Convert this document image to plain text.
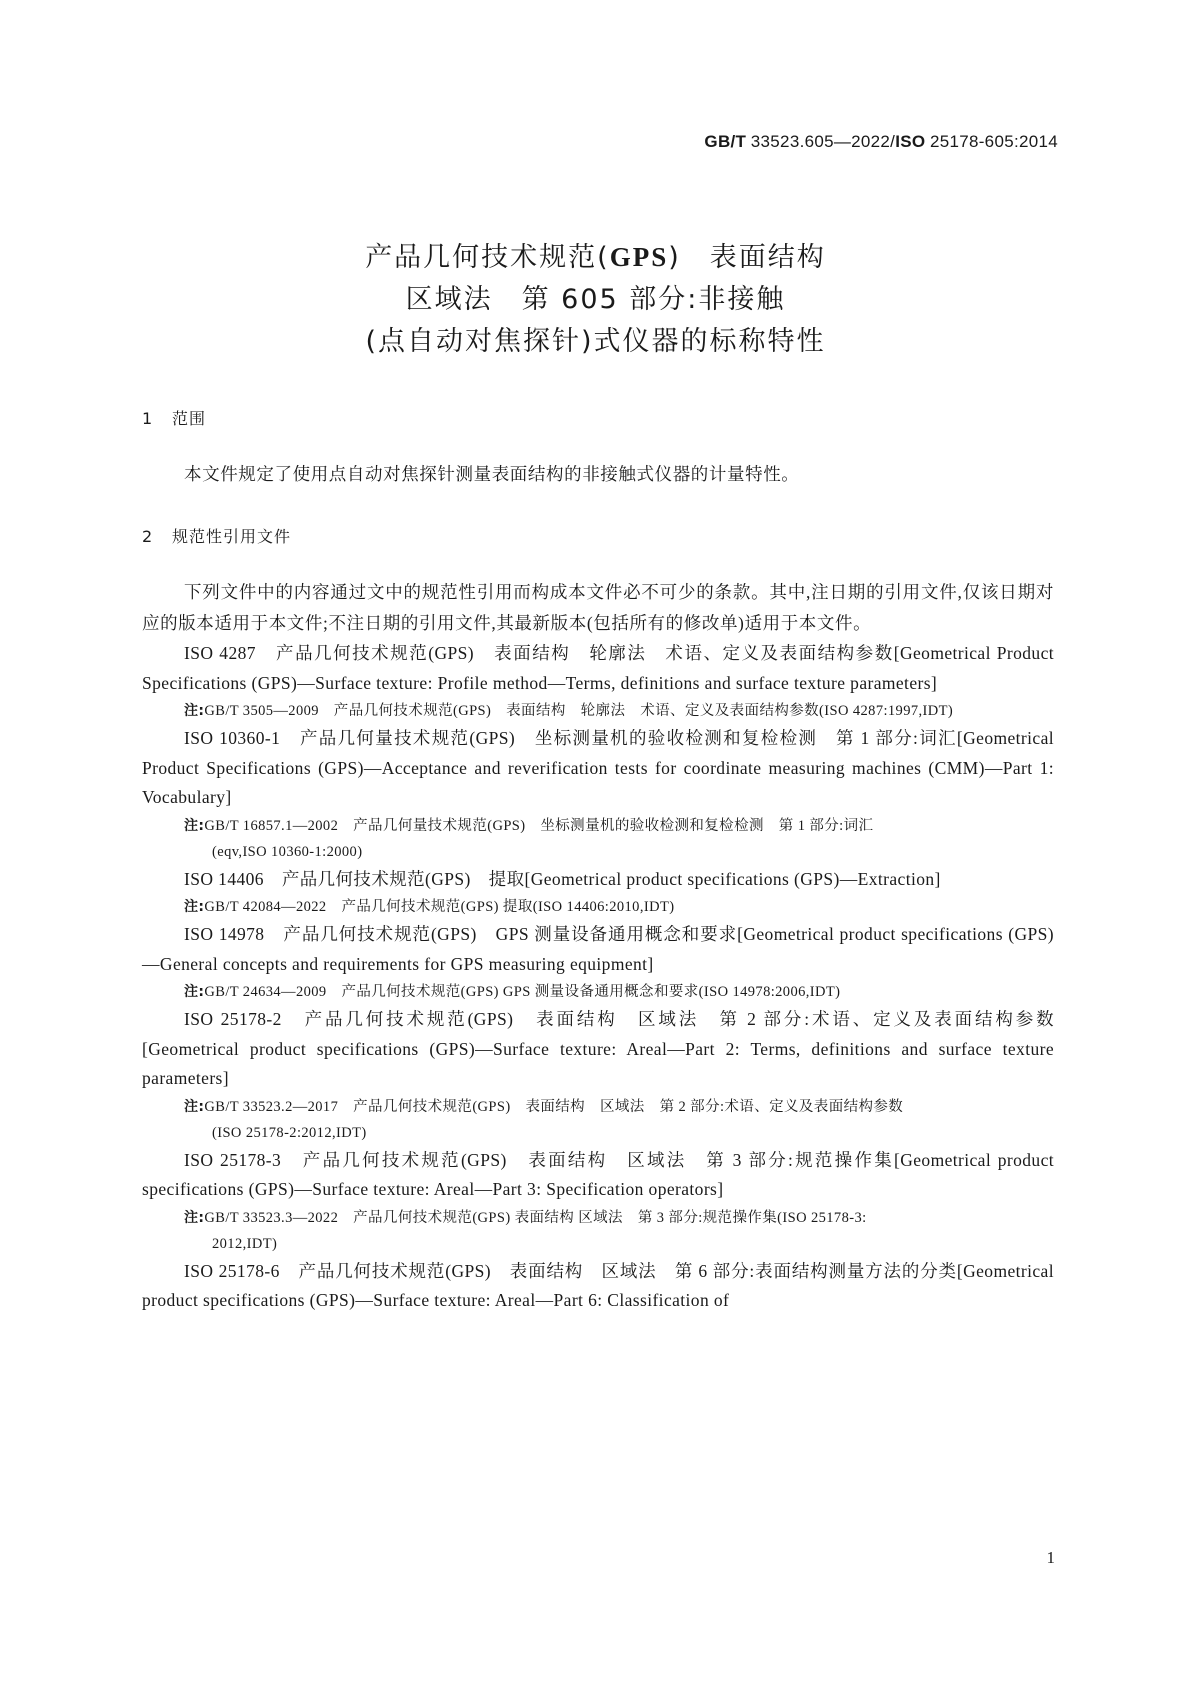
GB/T 33523.605—2022/ISO 25178-605:2014
产品几何技术规范(GPS)　表面结构
区域法　第 605 部分:非接触
(点自动对焦探针)式仪器的标称特性
1 范围

本文件规定了使用点自动对焦探针测量表面结构的非接触式仪器的计量特性。

2 规范性引用文件

下列文件中的内容通过文中的规范性引用而构成本文件必不可少的条款。其中,注日期的引用文件,仅该日期对应的版本适用于本文件;不注日期的引用文件,其最新版本(包括所有的修改单)适用于本文件。

ISO 4287　产品几何技术规范(GPS)　表面结构　轮廓法　术语、定义及表面结构参数[Geometrical Product Specifications (GPS)—Surface texture: Profile method—Terms, definitions and surface texture parameters]

注:GB/T 3505—2009　产品几何技术规范(GPS)　表面结构　轮廓法　术语、定义及表面结构参数(ISO 4287:1997,IDT)

ISO 10360-1　产品几何量技术规范(GPS)　坐标测量机的验收检测和复检检测　第 1 部分:词汇[Geometrical Product Specifications (GPS)—Acceptance and reverification tests for coordinate measuring machines (CMM)—Part 1: Vocabulary]

注:GB/T 16857.1—2002　产品几何量技术规范(GPS)　坐标测量机的验收检测和复检检测　第 1 部分:词汇
(eqv,ISO 10360-1:2000)

ISO 14406　产品几何技术规范(GPS)　提取[Geometrical product specifications (GPS)—Extraction]

注:GB/T 42084—2022　产品几何技术规范(GPS) 提取(ISO 14406:2010,IDT)

ISO 14978　产品几何技术规范(GPS)　GPS 测量设备通用概念和要求[Geometrical product specifications (GPS)—General concepts and requirements for GPS measuring equipment]

注:GB/T 24634—2009　产品几何技术规范(GPS) GPS 测量设备通用概念和要求(ISO 14978:2006,IDT)

ISO 25178-2　产品几何技术规范(GPS)　表面结构　区域法　第 2 部分:术语、定义及表面结构参数[Geometrical product specifications (GPS)—Surface texture: Areal—Part 2: Terms, definitions and surface texture parameters]

注:GB/T 33523.2—2017　产品几何技术规范(GPS)　表面结构　区域法　第 2 部分:术语、定义及表面结构参数
(ISO 25178-2:2012,IDT)

ISO 25178-3　产品几何技术规范(GPS)　表面结构　区域法　第 3 部分:规范操作集[Geometrical product specifications (GPS)—Surface texture: Areal—Part 3: Specification operators]

注:GB/T 33523.3—2022　产品几何技术规范(GPS) 表面结构 区域法　第 3 部分:规范操作集(ISO 25178-3:
2012,IDT)

ISO 25178-6　产品几何技术规范(GPS)　表面结构　区域法　第 6 部分:表面结构测量方法的分类[Geometrical product specifications (GPS)—Surface texture: Areal—Part 6: Classification of

1
